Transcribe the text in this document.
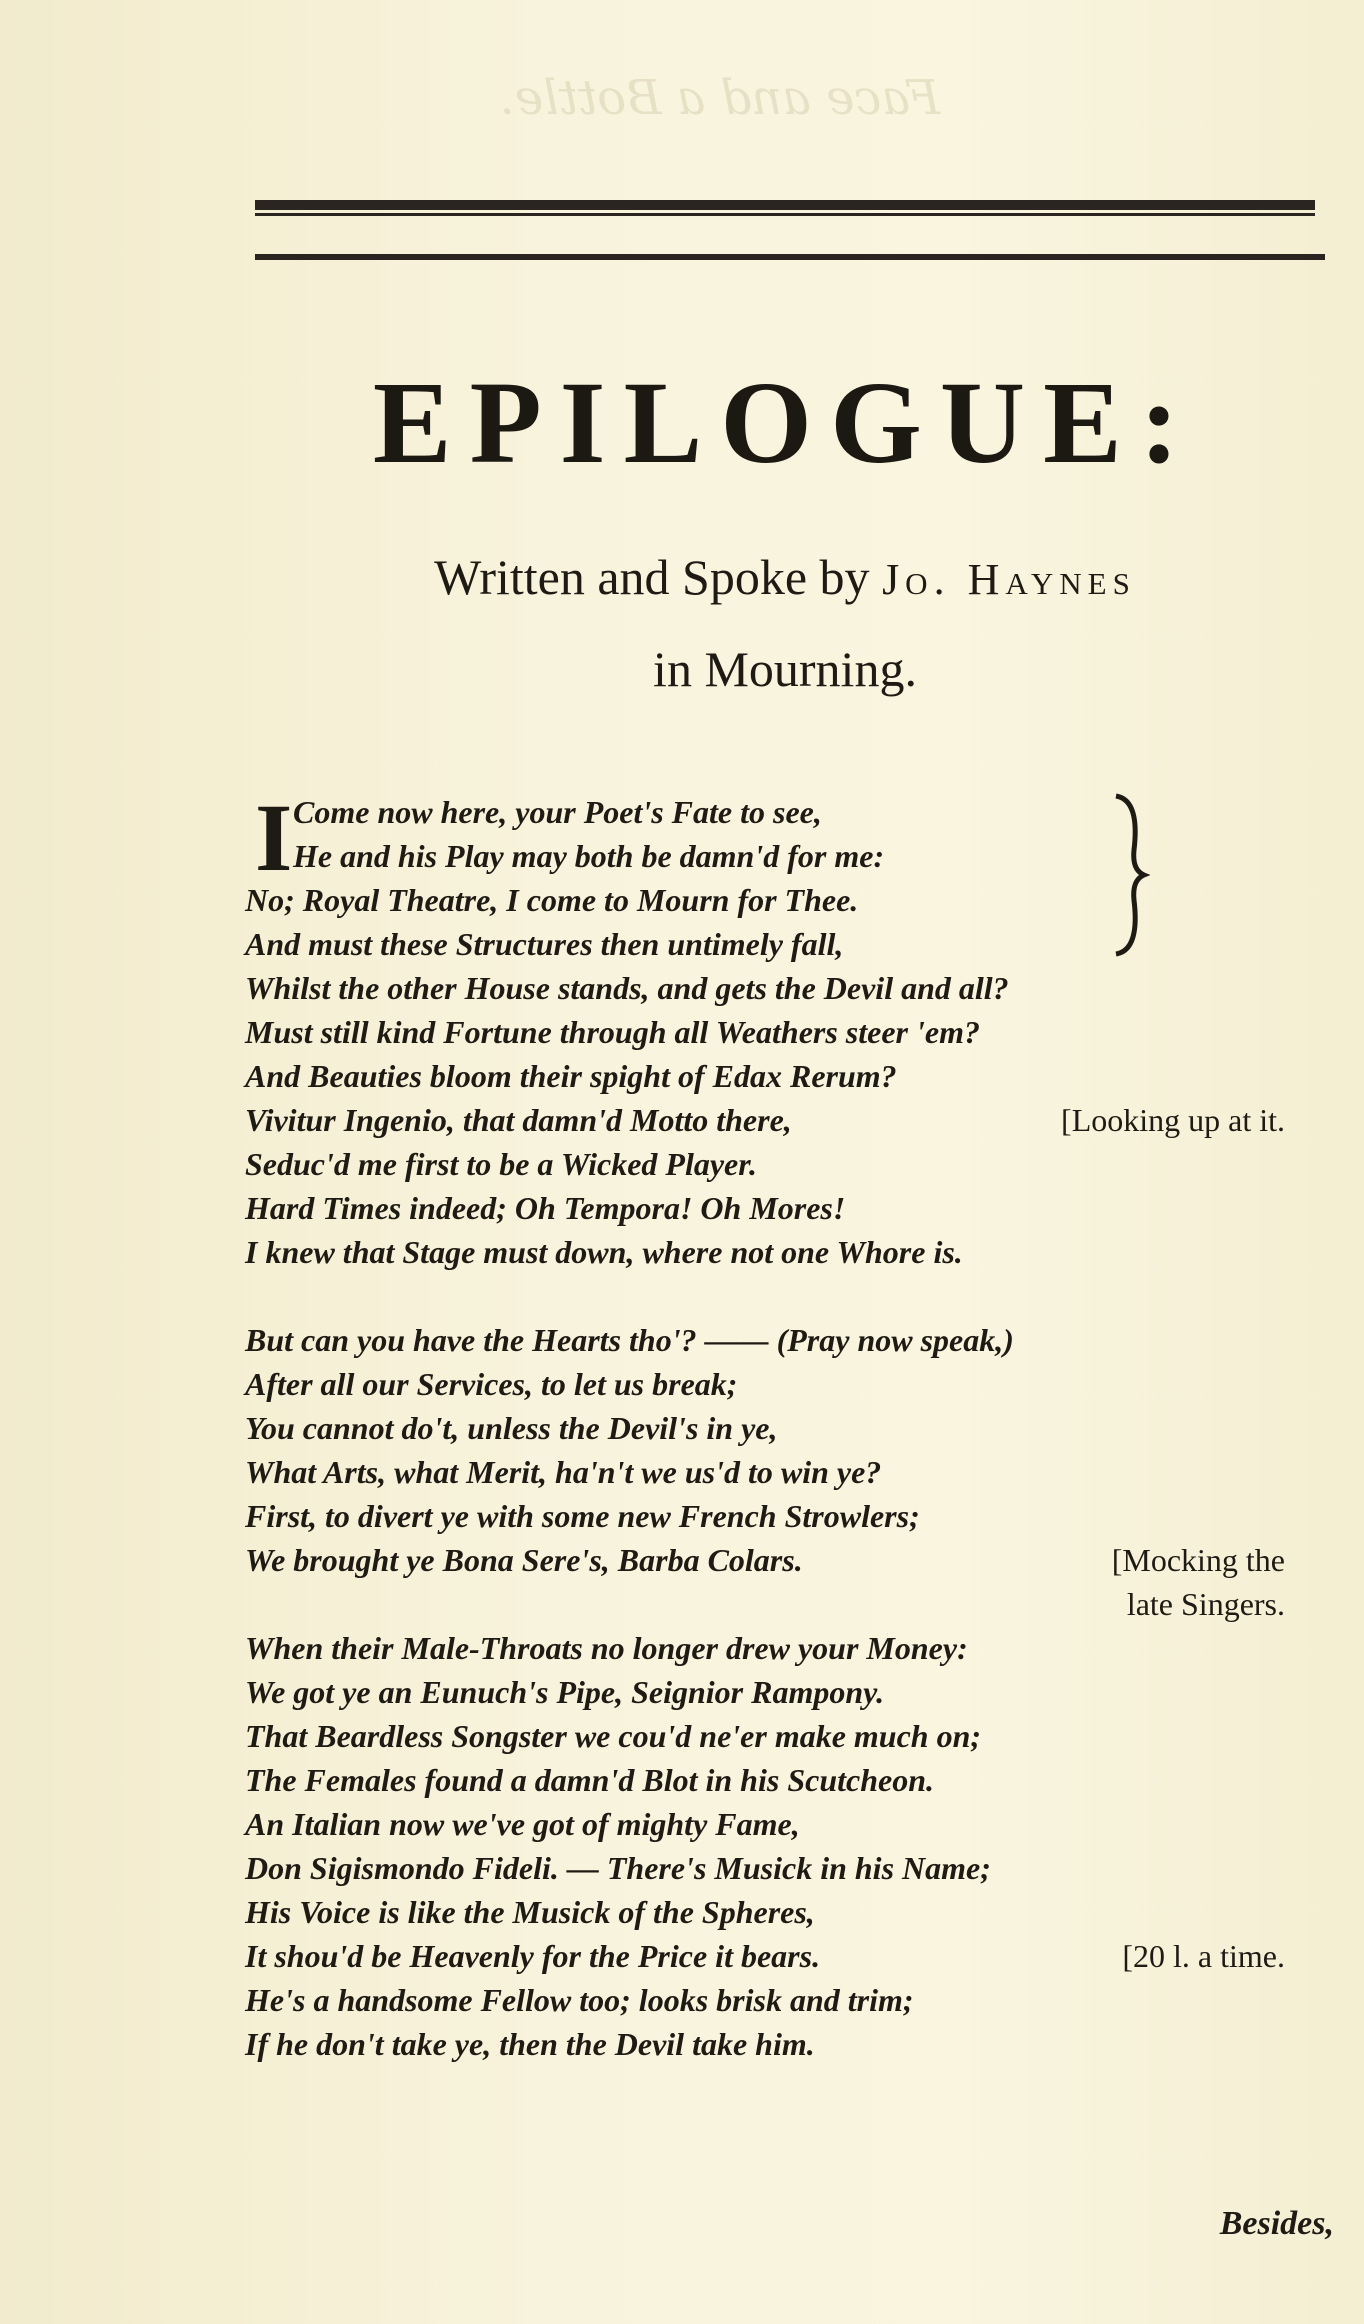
Face and a Bottle.
EPILOGUE:
Written and Spoke by Jo. Haynes
in Mourning.
I Come now here, your Poet's Fate to see,
He and his Play may both be damn'd for me:
No; Royal Theatre, I come to Mourn for Thee.
And must these Structures then untimely fall,
Whilst the other House stands, and gets the Devil and all?
Must still kind Fortune through all Weathers steer 'em?
And Beauties bloom their spight of Edax Rerum?
Vivitur Ingenio, that damn'd Motto there,	[Looking up at it.
Seduc'd me first to be a Wicked Player.
Hard Times indeed; Oh Tempora! Oh Mores!
I knew that Stage must down, where not one Whore is.
But can you have the Hearts tho'? —— (Pray now speak,)
After all our Services, to let us break;
You cannot do't, unless the Devil's in ye,
What Arts, what Merit, ha'n't we us'd to win ye?
First, to divert ye with some new French Strowlers;
We brought ye Bona Sere's, Barba Colars.	[Mocking the
late Singers.
When their Male-Throats no longer drew your Money:
We got ye an Eunuch's Pipe, Seignior Rampony.
That Beardless Songster we cou'd ne'er make much on;
The Females found a damn'd Blot in his Scutcheon.
An Italian now we've got of mighty Fame,
Don Sigismondo Fideli. — There's Musick in his Name;
His Voice is like the Musick of the Spheres,
It shou'd be Heavenly for the Price it bears.	[20 l. a time.
He's a handsome Fellow too; looks brisk and trim;
If he don't take ye, then the Devil take him.
Besides,
